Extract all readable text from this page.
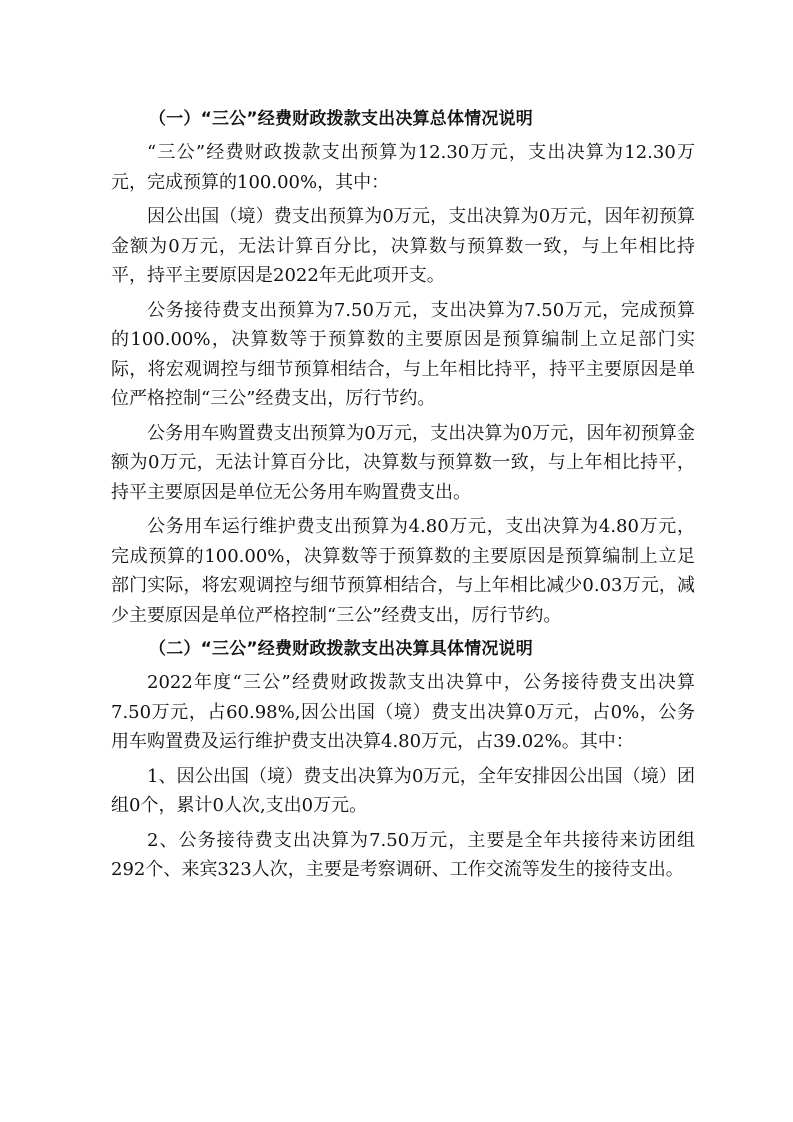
（一）“三公”经费财政拨款支出决算总体情况说明

“三公”经费财政拨款支出预算为12.30万元，支出决算为12.30万元，完成预算的100.00%，其中：

因公出国（境）费支出预算为0万元，支出决算为0万元，因年初预算金额为0万元，无法计算百分比，决算数与预算数一致，与上年相比持平，持平主要原因是2022年无此项开支。

公务接待费支出预算为7.50万元，支出决算为7.50万元，完成预算的100.00%，决算数等于预算数的主要原因是预算编制上立足部门实际，将宏观调控与细节预算相结合，与上年相比持平，持平主要原因是单位严格控制“三公”经费支出，厉行节约。

公务用车购置费支出预算为0万元，支出决算为0万元，因年初预算金额为0万元，无法计算百分比，决算数与预算数一致，与上年相比持平，持平主要原因是单位无公务用车购置费支出。

公务用车运行维护费支出预算为4.80万元，支出决算为4.80万元，完成预算的100.00%，决算数等于预算数的主要原因是预算编制上立足部门实际，将宏观调控与细节预算相结合，与上年相比减少0.03万元，减少主要原因是单位严格控制“三公”经费支出，厉行节约。

（二）“三公”经费财政拨款支出决算具体情况说明

2022年度“三公”经费财政拨款支出决算中，公务接待费支出决算7.50万元，占60.98%,因公出国（境）费支出决算0万元，占0%，公务用车购置费及运行维护费支出决算4.80万元，占39.02%。其中：

1、因公出国（境）费支出决算为0万元，全年安排因公出国（境）团组0个，累计0人次,支出0万元。

2、公务接待费支出决算为7.50万元，主要是全年共接待来访团组292个、来宾323人次，主要是考察调研、工作交流等发生的接待支出。
